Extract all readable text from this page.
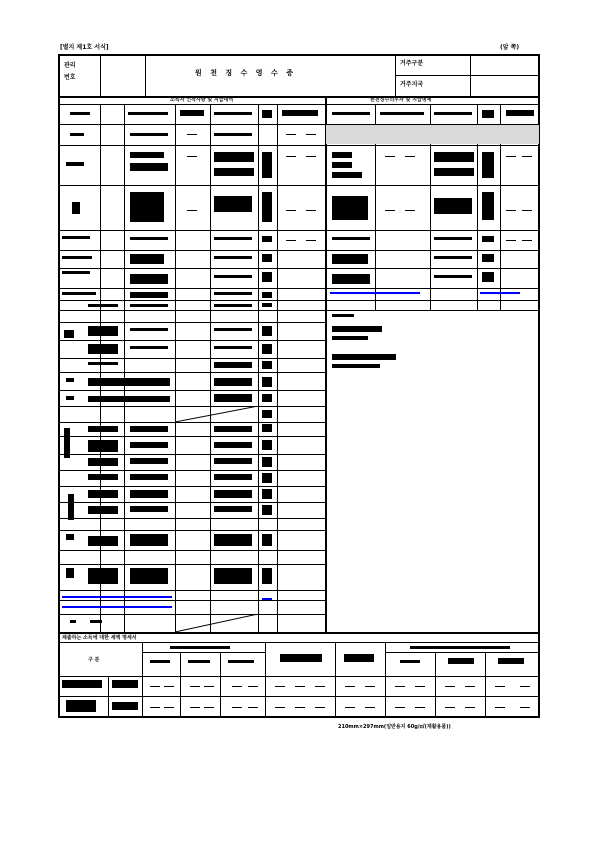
[별지 제1호 서식]	(앞 쪽)
관리
번호
원 천 징 수 영 수 증
거주구분
거주지국
소득자 인적사항 및 지급내역	원천징수의무자 및 지급명세
위의 금액을 영수합니다
제출하는 소득에 대한 세액 명세서
구 분
210mm×297mm(일반용지 60g/㎡(재활용품))
